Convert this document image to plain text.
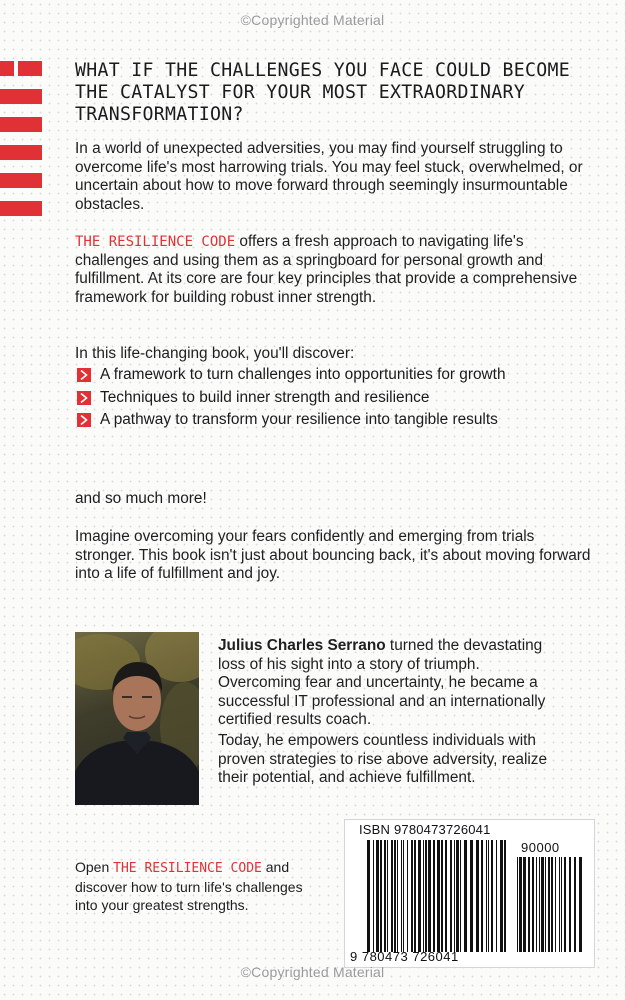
©Copyrighted Material
WHAT IF THE CHALLENGES YOU FACE COULD BECOME THE CATALYST FOR YOUR MOST EXTRAORDINARY TRANSFORMATION?

In a world of unexpected adversities, you may find yourself struggling to overcome life's most harrowing trials. You may feel stuck, overwhelmed, or uncertain about how to move forward through seemingly insurmountable obstacles.

THE RESILIENCE CODE offers a fresh approach to navigating life's challenges and using them as a springboard for personal growth and fulfillment. At its core are four key principles that provide a comprehensive framework for building robust inner strength.

In this life-changing book, you'll discover:

A framework to turn challenges into opportunities for growth
Techniques to build inner strength and resilience
A pathway to transform your resilience into tangible results
and so much more!

Imagine overcoming your fears confidently and emerging from trials stronger. This book isn't just about bouncing back, it's about moving forward into a life of fulfillment and joy.

Julius Charles Serrano turned the devastating loss of his sight into a story of triumph. Overcoming fear and uncertainty, he became a successful IT professional and an internationally certified results coach.

Today, he empowers countless individuals with proven strategies to rise above adversity, realize their potential, and achieve fulfillment.

Open THE RESILIENCE CODE and discover how to turn life's challenges into your greatest strengths.

ISBN 9780473726041
90000
9 780473 726041
©Copyrighted Material
